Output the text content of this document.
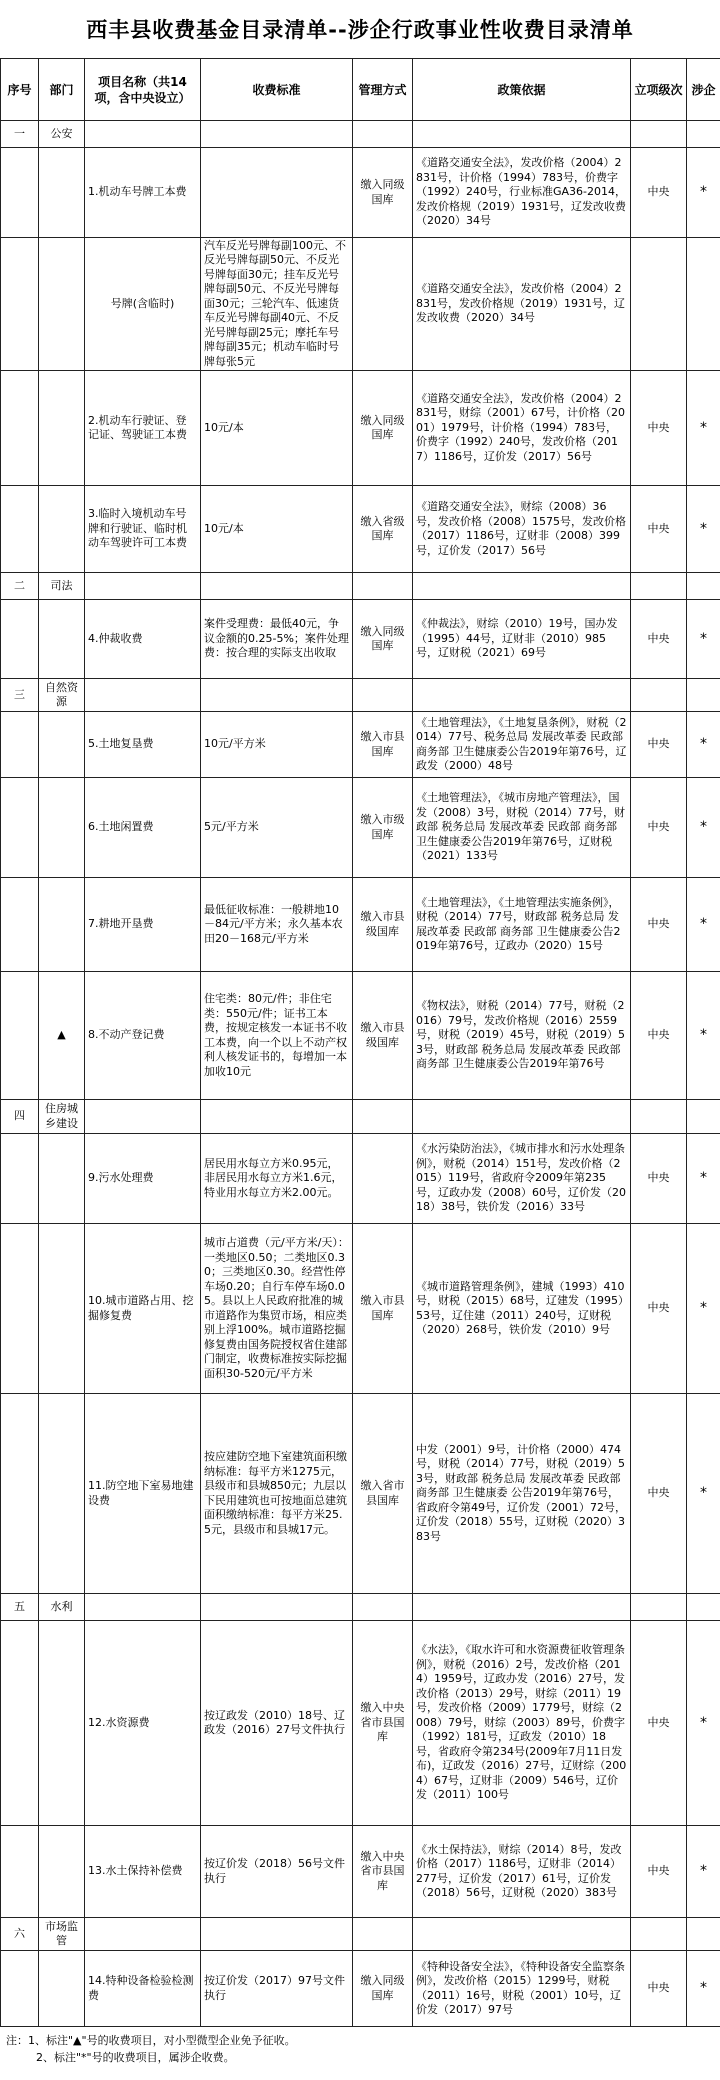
西丰县收费基金目录清单--涉企行政事业性收费目录清单
序号	部门	项目名称（共14项，含中央设立）	收费标准	管理方式	政策依据	立项级次	涉企
一	公安						
		1.机动车号牌工本费		缴入同级国库	《道路交通安全法》，发改价格（2004）2831号，计价格（1994）783号，价费字（1992）240号，行业标准GA36-2014，发改价格规（2019）1931号，辽发改收费（2020）34号	中央	*
		号牌(含临时)	汽车反光号牌每副100元、不反光号牌每副50元、不反光号牌每面30元；挂车反光号牌每副50元、不反光号牌每面30元；三轮汽车、低速货车反光号牌每副40元、不反光号牌每副25元；摩托车号牌每副35元；机动车临时号牌每张5元		《道路交通安全法》，发改价格（2004）2831号，发改价格规（2019）1931号，辽发改收费（2020）34号		
		2.机动车行驶证、登记证、驾驶证工本费	10元/本	缴入同级国库	《道路交通安全法》，发改价格（2004）2831号，财综（2001）67号，计价格（2001）1979号，计价格（1994）783号，价费字（1992）240号，发改价格（2017）1186号，辽价发（2017）56号	中央	*
		3.临时入境机动车号牌和行驶证、临时机动车驾驶许可工本费	10元/本	缴入省级国库	《道路交通安全法》，财综（2008）36号，发改价格（2008）1575号，发改价格（2017）1186号，辽财非（2008）399号，辽价发（2017）56号	中央	*
二	司法						
		4.仲裁收费	案件受理费：最低40元，争议金额的0.25-5%；案件处理费：按合理的实际支出收取	缴入同级国库	《仲裁法》，财综（2010）19号，国办发（1995）44号，辽财非（2010）985号，辽财税（2021）69号	中央	*
三	自然资源						
		5.土地复垦费	10元/平方米	缴入市县国库	《土地管理法》，《土地复垦条例》，财税（2014）77号、税务总局 发展改革委 民政部 商务部 卫生健康委公告2019年第76号，辽政发（2000）48号	中央	*
		6.土地闲置费	5元/平方米	缴入市级国库	《土地管理法》，《城市房地产管理法》，国发（2008）3号，财税（2014）77号，财政部 税务总局 发展改革委 民政部 商务部 卫生健康委公告2019年第76号，辽财税（2021）133号	中央	*
		7.耕地开垦费	最低征收标准：一般耕地10－84元/平方米；永久基本农田20－168元/平方米	缴入市县级国库	《土地管理法》，《土地管理法实施条例》，财税（2014）77号，财政部 税务总局 发展改革委 民政部 商务部 卫生健康委公告2019年第76号，辽政办（2020）15号	中央	*
	▲	8.不动产登记费	住宅类：80元/件；非住宅类：550元/件；证书工本费，按规定核发一本证书不收工本费，向一个以上不动产权利人核发证书的，每增加一本加收10元	缴入市县级国库	《物权法》，财税（2014）77号，财税（2016）79号，发改价格规（2016）2559号，财税（2019）45号，财税（2019）53号，财政部 税务总局 发展改革委 民政部 商务部 卫生健康委公告2019年第76号	中央	*
四	住房城乡建设						
		9.污水处理费	居民用水每立方米0.95元，非居民用水每立方米1.6元，特业用水每立方米2.00元。		《水污染防治法》，《城市排水和污水处理条例》，财税（2014）151号，发改价格（2015）119号，省政府令2009年第235号，辽政办发（2008）60号，辽价发（2018）38号，铁价发（2016）33号	中央	*
		10.城市道路占用、挖掘修复费	城市占道费（元/平方米/天）：一类地区0.50；二类地区0.30；三类地区0.30。经营性停车场0.20；自行车停车场0.05。县以上人民政府批准的城市道路作为集贸市场，相应类别上浮100%。城市道路挖掘修复费由国务院授权省住建部门制定，收费标准按实际挖掘面积30-520元/平方米	缴入市县国库	《城市道路管理条例》，建城（1993）410号，财税（2015）68号，辽建发（1995）53号，辽住建（2011）240号，辽财税（2020）268号，铁价发（2010）9号	中央	*
		11.防空地下室易地建设费	按应建防空地下室建筑面积缴纳标准：每平方米1275元，县级市和县城850元；九层以下民用建筑也可按地面总建筑面积缴纳标准：每平方米25.5元，县级市和县城17元。	缴入省市县国库	中发（2001）9号，计价格（2000）474号，财税（2014）77号，财税（2019）53号，财政部 税务总局 发展改革委 民政部 商务部 卫生健康委 公告2019年第76号，省政府令第49号，辽价发（2001）72号，辽价发（2018）55号，辽财税（2020）383号	中央	*
五	水利						
		12.水资源费	按辽政发（2010）18号、辽政发（2016）27号文件执行	缴入中央省市县国库	《水法》，《取水许可和水资源费征收管理条例》，财税（2016）2号，发改价格（2014）1959号，辽政办发（2016）27号，发改价格（2013）29号，财综（2011）19号，发改价格（2009）1779号，财综（2008）79号，财综（2003）89号，价费字（1992）181号，辽政发（2010）18号，省政府令第234号(2009年7月11日发布)，辽政发（2016）27号，辽财综（2004）67号，辽财非（2009）546号，辽价发（2011）100号	中央	*
		13.水土保持补偿费	按辽价发（2018）56号文件执行	缴入中央省市县国库	《水土保持法》，财综（2014）8号，发改价格（2017）1186号，辽财非（2014）277号，辽价发（2017）61号，辽价发（2018）56号，辽财税（2020）383号	中央	*
六	市场监管						
		14.特种设备检验检测费	按辽价发（2017）97号文件执行	缴入同级国库	《特种设备安全法》，《特种设备安全监察条例》，发改价格（2015）1299号，财税（2011）16号，财税（2001）10号，辽价发（2017）97号	中央	*
注：1、标注"▲"号的收费项目，对小型微型企业免予征收。
2、标注"*"号的收费项目，属涉企收费。
